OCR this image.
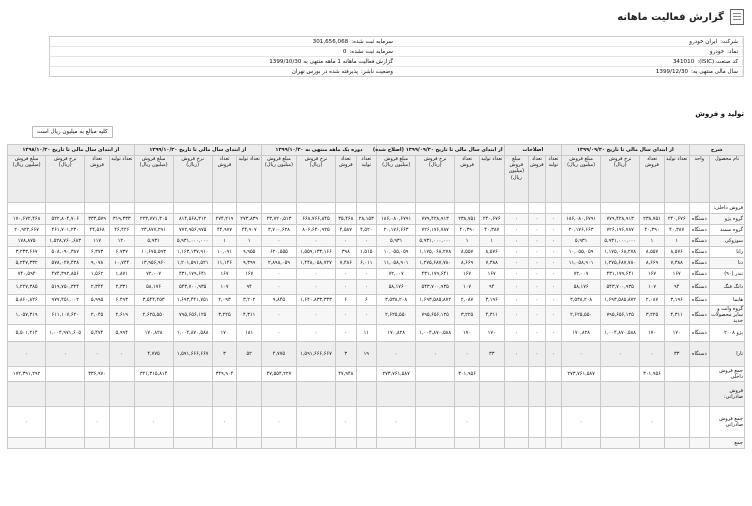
گزارش فعالیت ماهانه
شرکت:
ایران خودرو
سرمایه ثبت شده:
301,656,068
نماد:
خودرو
سرمایه ثبت نشده:
0
کد صنعت (ISIC):
341010
گزارش فعالیت ماهانه 1 ماهه منتهی به 1399/10/30
سال مالی منتهی به:
1399/12/30
وضعیت ناشر:
پذیرفته شده در بورس تهران
تولید و فروش
کلیه مبالغ به میلیون ریال است
شرح		از ابتدای سال مالی تا تاریخ ۱۳۹۹/۰۹/۳۰				اصلاحات			از ابتدای سال مالی تا تاریخ ۱۳۹۹/۰۹/۳۰ (اصلاح شده)				دوره یک ماهه منتهی به ۱۳۹۹/۱۰/۳۰				از ابتدای سال مالی تا تاریخ ۱۳۹۹/۱۰/۳۰				از ابتدای سال مالی تا تاریخ ۱۳۹۸/۱۰/۳۰			
نام محصول	واحد	تعداد تولید	تعداد فروش	نرخ فروش (ریال)	مبلغ فروش (میلیون ریال)	تعداد تولید	تعداد فروش	مبلغ فروش (میلیون ریال)	تعداد تولید	تعداد فروش	نرخ فروش (ریال)	مبلغ فروش (میلیون ریال)	تعداد تولید	تعداد فروش	نرخ فروش (ریال)	مبلغ فروش (میلیون ریال)	تعداد تولید	تعداد فروش	نرخ فروش (ریال)	مبلغ فروش (میلیون ریال)	تعداد تولید	تعداد فروش	نرخ فروش (ریال)	مبلغ فروش (میلیون ریال)
فروش داخلی:																								
گروه پژو	دستگاه	۲۴۰,۶۷۶	۲۳۸,۷۵۱	۷۷۹,۴۲۸,۹۱۳	۱۸۶,۰۸۰,۶۷۹۱	۰	۰	۰	۲۴۰,۶۷۶	۲۳۸,۷۵۱	۷۷۹,۴۲۸,۹۱۳	۱۸۶,۰۸۰,۶۷۹۱	۲۸,۱۵۳	۳۵,۴۶۸	۶۶۸,۷۶۶,۸۴۵	۲۳,۷۲۰,۵۱۳	۲۷۳,۸۳۹	۲۷۴,۲۱۹	۸۱۴,۵۶۸,۳۱۲	۲۲۳,۷۷۱,۳۰۵	۳۱۹,۳۳۳	۳۳۳,۵۷۹	۵۲۲,۸۰۴,۷۰۶	۱۷۰,۶۷۲,۴۶۸
گروه سمند	دستگاه	۴۰,۳۸۷	۴۰,۳۹۰	۷۲۶,۱۷۶,۷۸۷	۲۰,۱۷۶,۶۶۳	۰	۰	۰	۴۰,۳۸۷	۴۰,۳۹۰	۷۲۶,۱۷۶,۷۸۷	۲۰,۱۷۶,۶۶۳	۴,۵۲۰	۴,۵۸۷	۸۰۶,۶۴۰,۹۲۵	۳,۷۰۰,۶۲۸	۴۴,۹۰۷	۴۴,۹۷۷	۷۷۲,۹۵۶,۹۷۵	۲۳,۸۷۷,۲۹۱	۴۶,۴۲۶	۴۴,۵۶۸	۴۶۱,۷۰۱,۲۳۰	۲۰,۹۲۲,۶۶۷
سوزوکی	دستگاه	۱	۱	۵,۹۳۱,۰۰۰,۰۰۰	۵,۹۳۱	۰	۰	۰	۱	۱	۵,۹۳۱,۰۰۰,۰۰۰	۵,۹۳۱	۰	۰	۰	۰	۱	۱	۵,۹۳۱,۰۰۰,۰۰۰	۵,۹۳۱	۱۲۰	۱۱۷	۱,۵۲۸,۷۶۰,۶۸۳	۱۷۸,۸۷۵
رانا	دستگاه	۸,۵۷۶	۸,۵۵۷	۱,۱۷۵,۰۶۸,۲۷۸	۱۰,۰۵۵,۰۵۹	۰	۰	۰	۸,۵۷۶	۸,۵۵۷	۱,۱۷۵,۰۶۸,۲۷۸	۱۰,۰۵۵,۰۵۹	۱,۵۱۵	۳۹۸	۱,۵۵۹,۱۳۳,۱۶۶	۶۲۰,۵۵۵	۹,۹۵۵	۱۰,۰۹۱	۱,۱۶۳,۱۳۷,۹۱۰	۱۰,۶۷۵,۵۹۳	۶,۷۳۷	۶,۳۷۳	۵۰۸,۰۹۰,۳۸۷	۳,۲۳۳,۶۶۷
دنا	دستگاه	۷,۳۸۸	۸,۶۶۹	۱,۲۷۵,۶۸۷,۷۸۰	۱۱,۰۵۸,۹۰۱	۰	۰	۰	۷,۳۸۸	۸,۶۶۹	۱,۲۷۵,۶۸۷,۷۸۰	۱۱,۰۵۸,۹۰۱	۶,۰۱۱	۷,۴۸۶	۱,۴۴۸,۰۵۸,۷۲۷	۲,۸۹۸,۰۵۹	۹,۳۹۹	۱۱,۱۴۶	۱,۲۰۱,۵۹۱,۵۲۱	۱۳,۹۵۶,۹۶۰	۱۰,۷۴۴	۹,۰۷۸	۵۷۸,۰۲۷,۴۳۸	۵,۲۴۷,۳۳۲
تندر (۹۰)	دستگاه	۱۶۷	۱۶۷	۴۳۱,۱۷۹,۶۴۱	۷۲,۰۰۷	۰	۰	۰	۱۶۷	۱۶۷	۴۳۱,۱۷۹,۶۴۱	۷۲,۰۰۷	۰	۰	۰	۰	۱۶۷	۱۶۷	۴۳۱,۱۷۹,۶۴۱	۷۲,۰۰۷	۱,۸۷۱	۱,۵۶۲	۴۷۴,۳۹۲,۸۵۶	۷۴۰,۵۹۴
دانگ فنگ	دستگاه	۹۴	۱۰۷	۵۴۳,۷۰۰,۹۳۵	۵۸,۱۷۶	۰	۰	۰	۹۴	۱۰۷	۵۴۳,۷۰۰,۹۳۵	۵۸,۱۷۶	۰	۰	۰	۰	۹۴	۱۰۷	۵۴۳,۷۰۰,۹۳۵	۵۸,۱۷۶	۲,۳۳۱	۲,۳۴۴	۵۱۹,۷۵۰,۳۲۴	۱,۲۲۷,۳۸۵
هایما	دستگاه	۳,۱۹۶	۲,۰۸۷	۱,۶۹۳,۵۸۵,۸۷۲	۳,۵۳۸,۲۰۸	۰	۰	۰	۳,۱۹۶	۲,۰۸۷	۱,۶۹۳,۵۸۵,۸۷۲	۳,۵۳۸,۲۰۸	۶	۶	۱,۶۴۰,۸۳۳,۳۳۳	۹,۸۴۵	۳,۲۰۲	۲,۰۹۳	۱,۶۹۳,۴۴۱,۷۵۱	۳,۵۴۴,۴۵۳	۶,۴۹۳	۵,۹۹۵	۹۷۷,۴۵۱,۰۰۲	۵,۸۶۰,۸۲۶
گروه وانت و سایر محصولات جدید	دستگاه	۴,۳۱۱	۳,۲۲۵	۷۹۵,۶۵۶,۱۲۵	۲,۶۲۵,۵۵۰	۰	۰	۰	۴,۳۱۱	۳,۲۲۵	۷۹۵,۶۵۶,۱۲۵	۲,۶۲۵,۵۵۰	۰	۰	۰	۰	۴,۳۱۱	۳,۲۲۵	۷۹۵,۶۵۶,۱۲۵	۲,۶۲۵,۵۵۰	۲,۶۱۹	۲,۰۴۵	۶۱۱,۱۰۷,۶۲۰	۱,۰۵۷,۳۱۹
پژو ۲۰۰۸	دستگاه	۱۷۰	۱۷۰	۱,۰۰۴,۸۷۰,۵۸۸	۱۷۰,۸۲۸	۰	۰	۰	۱۷۰	۱۷۰	۱,۰۰۴,۸۷۰,۵۸۸	۱۷۰,۸۲۸	۱۱	۰	۰	۰	۱۸۱	۱۷۰	۱,۰۰۴,۸۷۰,۵۸۸	۱۷۰,۸۲۸	۵,۹۹۴	۵,۴۷۴	۱,۰۰۴,۹۷۱,۶۰۵	۵,۵۰۱,۲۱۴
تارا	دستگاه	۳۳	۰	۰	۰	۰	۰	۰	۳۳	۰	۰	۰	۱۹	۳	۱,۵۹۱,۶۶۶,۶۶۷	۴,۷۷۵	۵۲	۳	۱,۵۹۱,۶۶۶,۶۶۷	۴,۷۷۵	۰	۰	۰	۰
جمع فروش داخلی			۳۰۱,۹۵۶		۲۷۳,۷۶۱,۵۸۷					۳۰۱,۹۵۶		۲۷۳,۷۶۱,۵۸۷		۴۷,۹۴۸		۴۷,۵۵۴,۲۲۷		۳۴۹,۹۰۴		۳۲۱,۳۱۵,۸۱۴		۳۳۶,۹۷۰		۱۷۲,۳۹۱,۲۹۲
فروش صادراتی:																								
جمع فروش صادراتی			۰		۰					۰		۰		۰		۰		۰		۰		۰		۰
جمع																								
